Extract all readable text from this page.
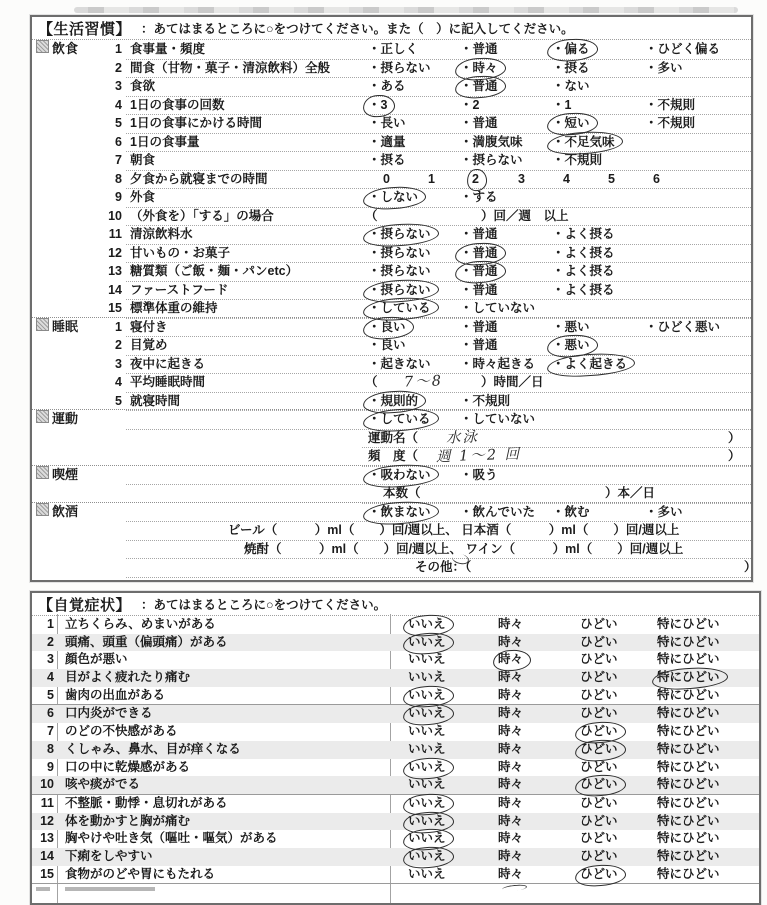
【生活習慣】 ：あてはまるところに○をつけてください。また（　）に記入してください。
飲食	1 食事量・頻度	・正しく	・普通	・偏る	・ひどく偏る
2 間食（甘物・菓子・清涼飲料）全般	・摂らない ・時々	・摂る	・多い
3 食欲	・ある	・普通	・ない
4 1日の食事の回数	・3	・2	・1	・不規則
5 1日の食事にかける時間	・長い	・普通	・短い	・不規則
6 1日の食事量	・適量	・満腹気味 ・不足気味
7 朝食	・摂る	・摂らない ・不規則
8 夕食から就寝までの時間	0	1	2	3	4	5	6
9 外食	・しない	・する
10 （外食を）「する」の場合	（	）回／週　以上
11 清涼飲料水	・摂らない ・普通	・よく摂る
12 甘いもの・お菓子	・摂らない ・普通	・よく摂る
13 糖質類（ご飯・麺・パンetc）	・摂らない ・普通	・よく摂る
14 ファーストフード	・摂らない ・普通	・よく摂る
15 標準体重の維持	・している ・していない
睡眠	1 寝付き	・良い	・普通	・悪い	・ひどく悪い
2 目覚め	・良い	・普通	・悪い
3 夜中に起きる	・起きない ・時々起きる ・よく起きる
4 平均睡眠時間	（ 7～8	）時間／日
5 就寝時間	・規則的	・不規則
運動	・している ・していない
運動名（ 水泳	）
頻　度（ 週 1～2 回	）
喫煙	・吸わない ・吸う
本数（	）本／日
飲酒	・飲まない ・飲んでいた ・飲む	・多い
ビール（　　　）ml（　　）回/週以上、 日本酒（　　　）ml（　　）回/週以上
焼酎（　　　）ml（　　）回/週以上、 ワイン（　　　）ml（　　）回/週以上
その他：（	）
【自覚症状】 ：あてはまるところに○をつけてください。
1 立ちくらみ、めまいがある	いいえ	時々	ひどい	特にひどい
2 頭痛、頭重（偏頭痛）がある	いいえ	時々	ひどい	特にひどい
3 顔色が悪い	いいえ	時々	ひどい	特にひどい
4 目がよく疲れたり痛む	いいえ	時々	ひどい	特にひどい
5 歯肉の出血がある	いいえ	時々	ひどい	特にひどい
6 口内炎ができる	いいえ	時々	ひどい	特にひどい
7 のどの不快感がある	いいえ	時々	ひどい	特にひどい
8 くしゃみ、鼻水、目が痒くなる	いいえ	時々	ひどい	特にひどい
9 口の中に乾燥感がある	いいえ	時々	ひどい	特にひどい
10 咳や痰がでる	いいえ	時々	ひどい	特にひどい
11 不整脈・動悸・息切れがある	いいえ	時々	ひどい	特にひどい
12 体を動かすと胸が痛む	いいえ	時々	ひどい	特にひどい
13 胸やけや吐き気（嘔吐・嘔気）がある	いいえ	時々	ひどい	特にひどい
14 下痢をしやすい	いいえ	時々	ひどい	特にひどい
15 食物がのどや胃にもたれる	いいえ	時々	ひどい	特にひどい
